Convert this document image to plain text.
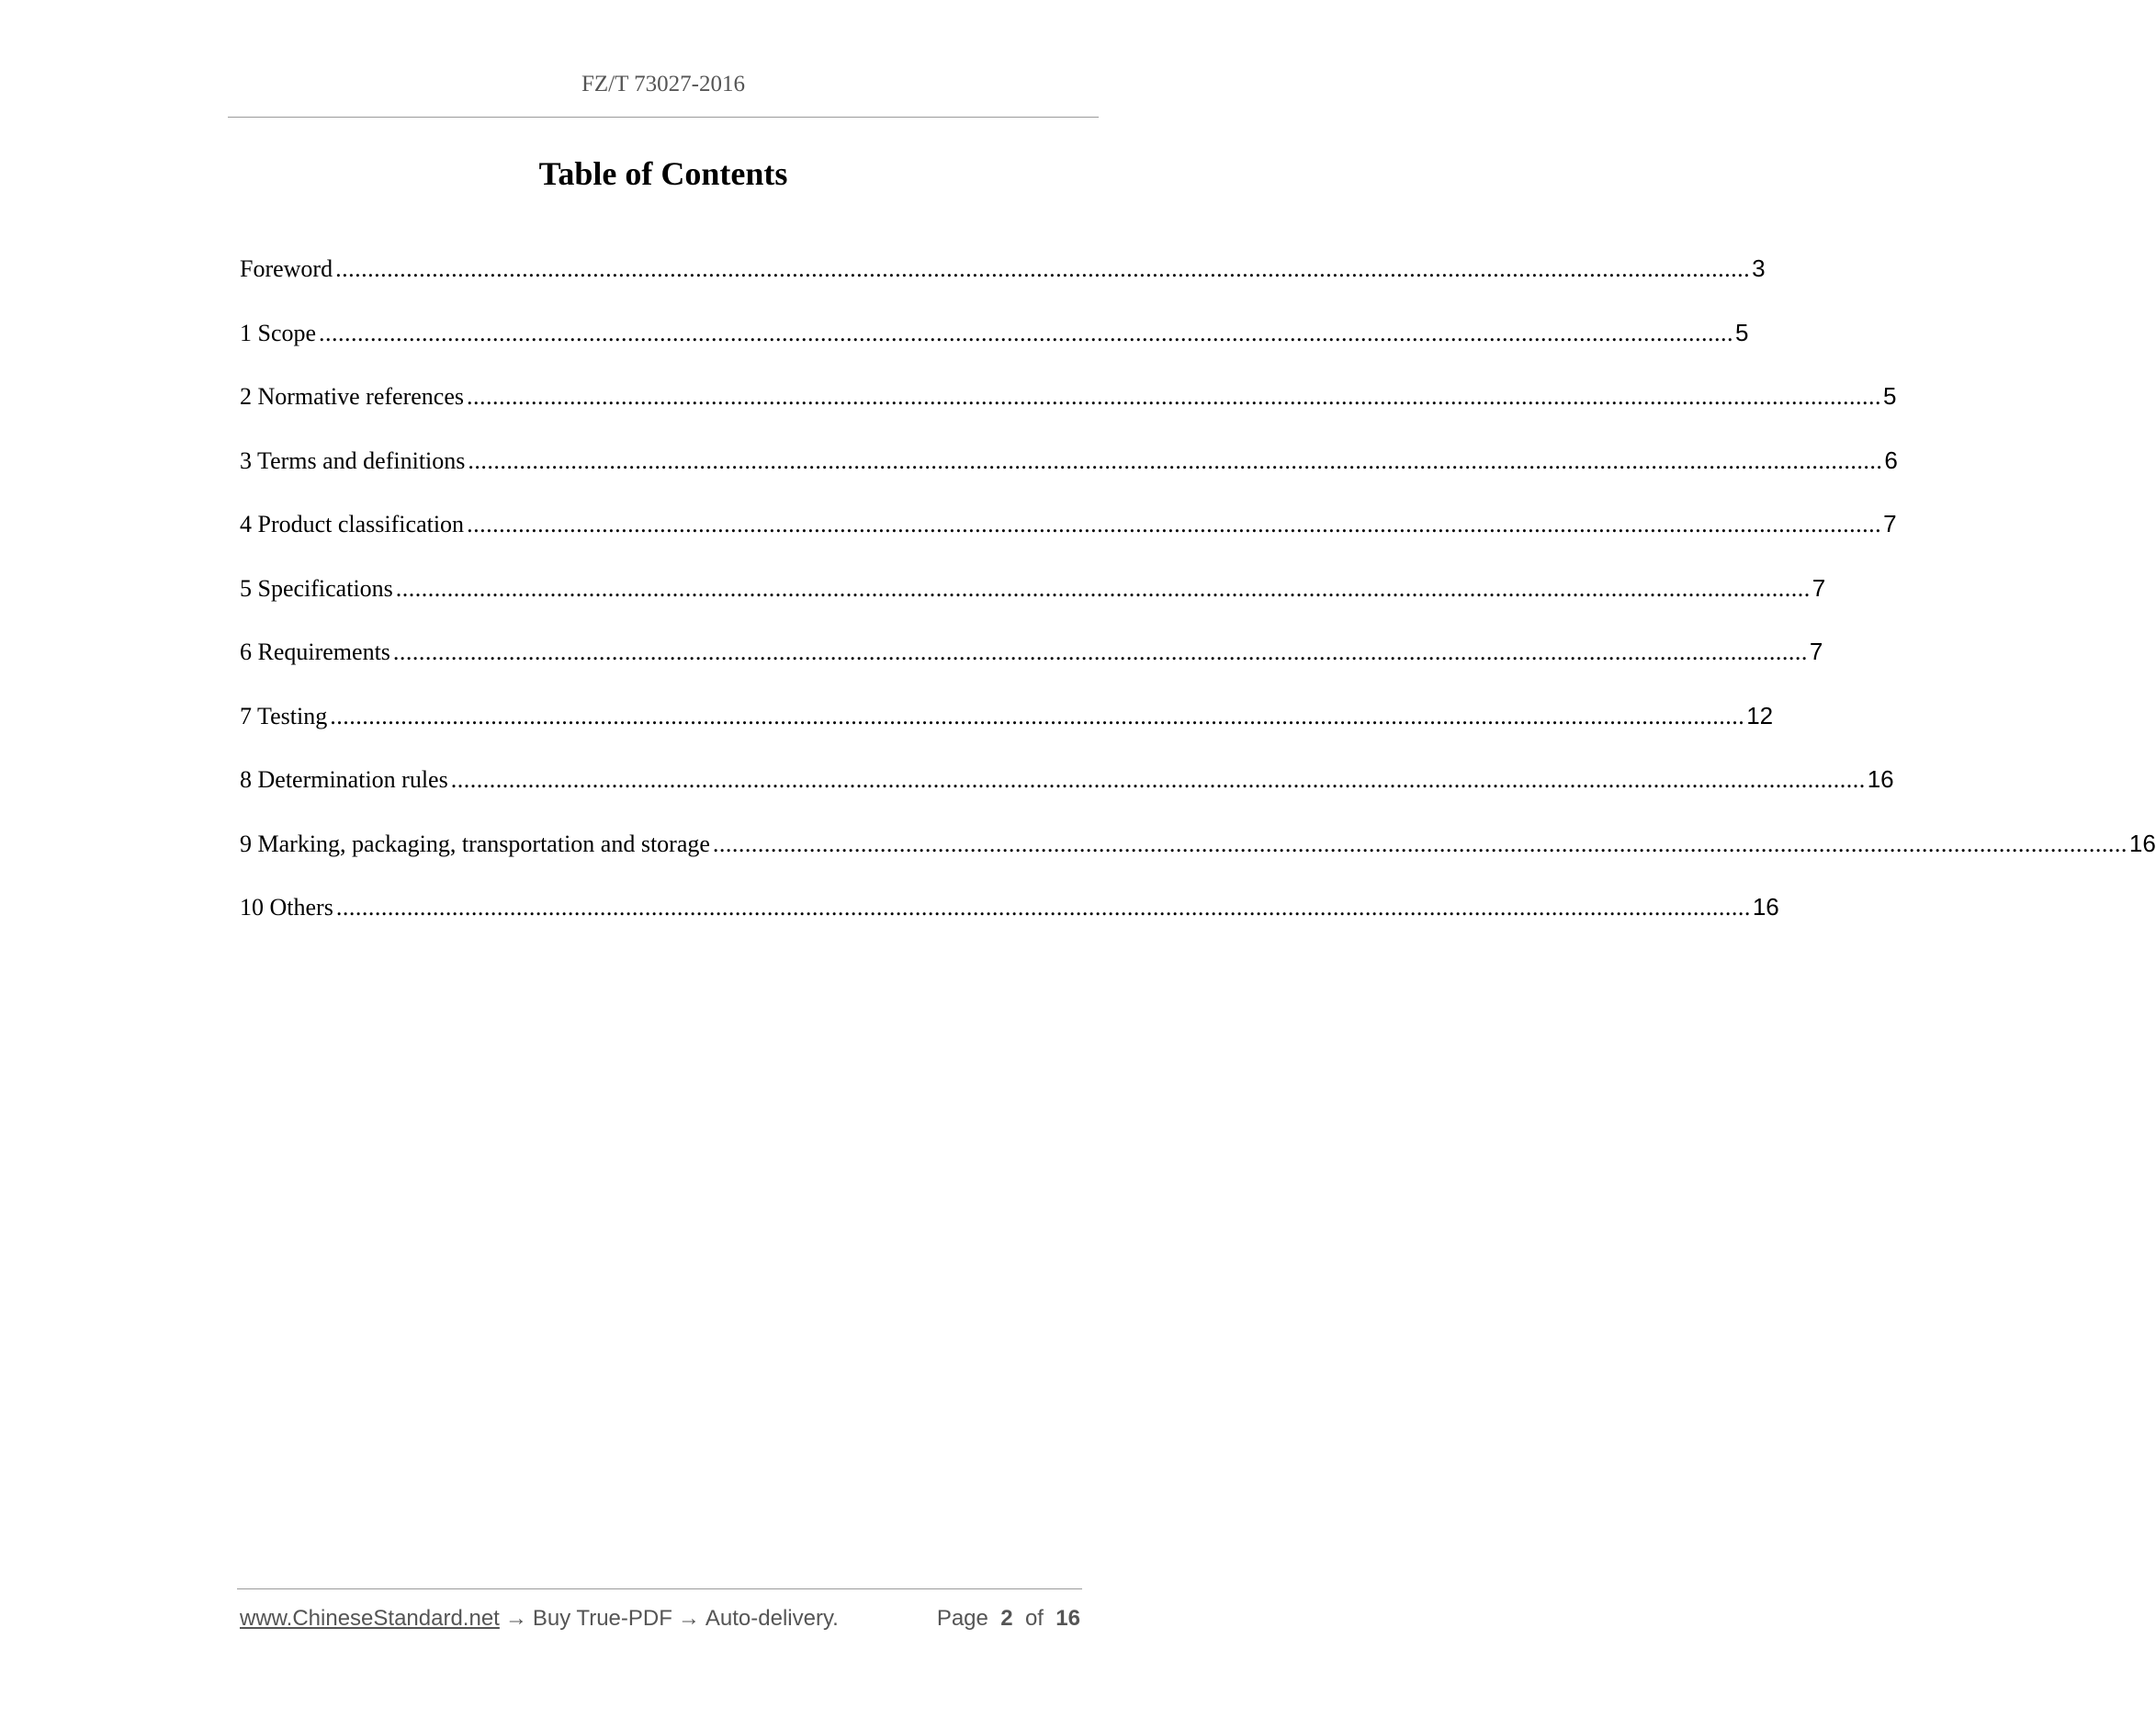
FZ/T 73027-2016
Table of Contents
Foreword ............................................................................................................................................................................................................................ 3
1 Scope ............................................................................................................................................................................................................................ 5
2 Normative references ............................................................................................................................................................................................................................ 5
3 Terms and definitions ............................................................................................................................................................................................................................ 6
4 Product classification ............................................................................................................................................................................................................................ 7
5 Specifications ............................................................................................................................................................................................................................ 7
6 Requirements ............................................................................................................................................................................................................................ 7
7 Testing ............................................................................................................................................................................................................................ 12
8 Determination rules ............................................................................................................................................................................................................................ 16
9 Marking, packaging, transportation and storage ............................................................................................................................................................................................................................ 16
10 Others ............................................................................................................................................................................................................................ 16
www.ChineseStandard.net → Buy True-PDF → Auto-delivery.	Page 2 of 16
